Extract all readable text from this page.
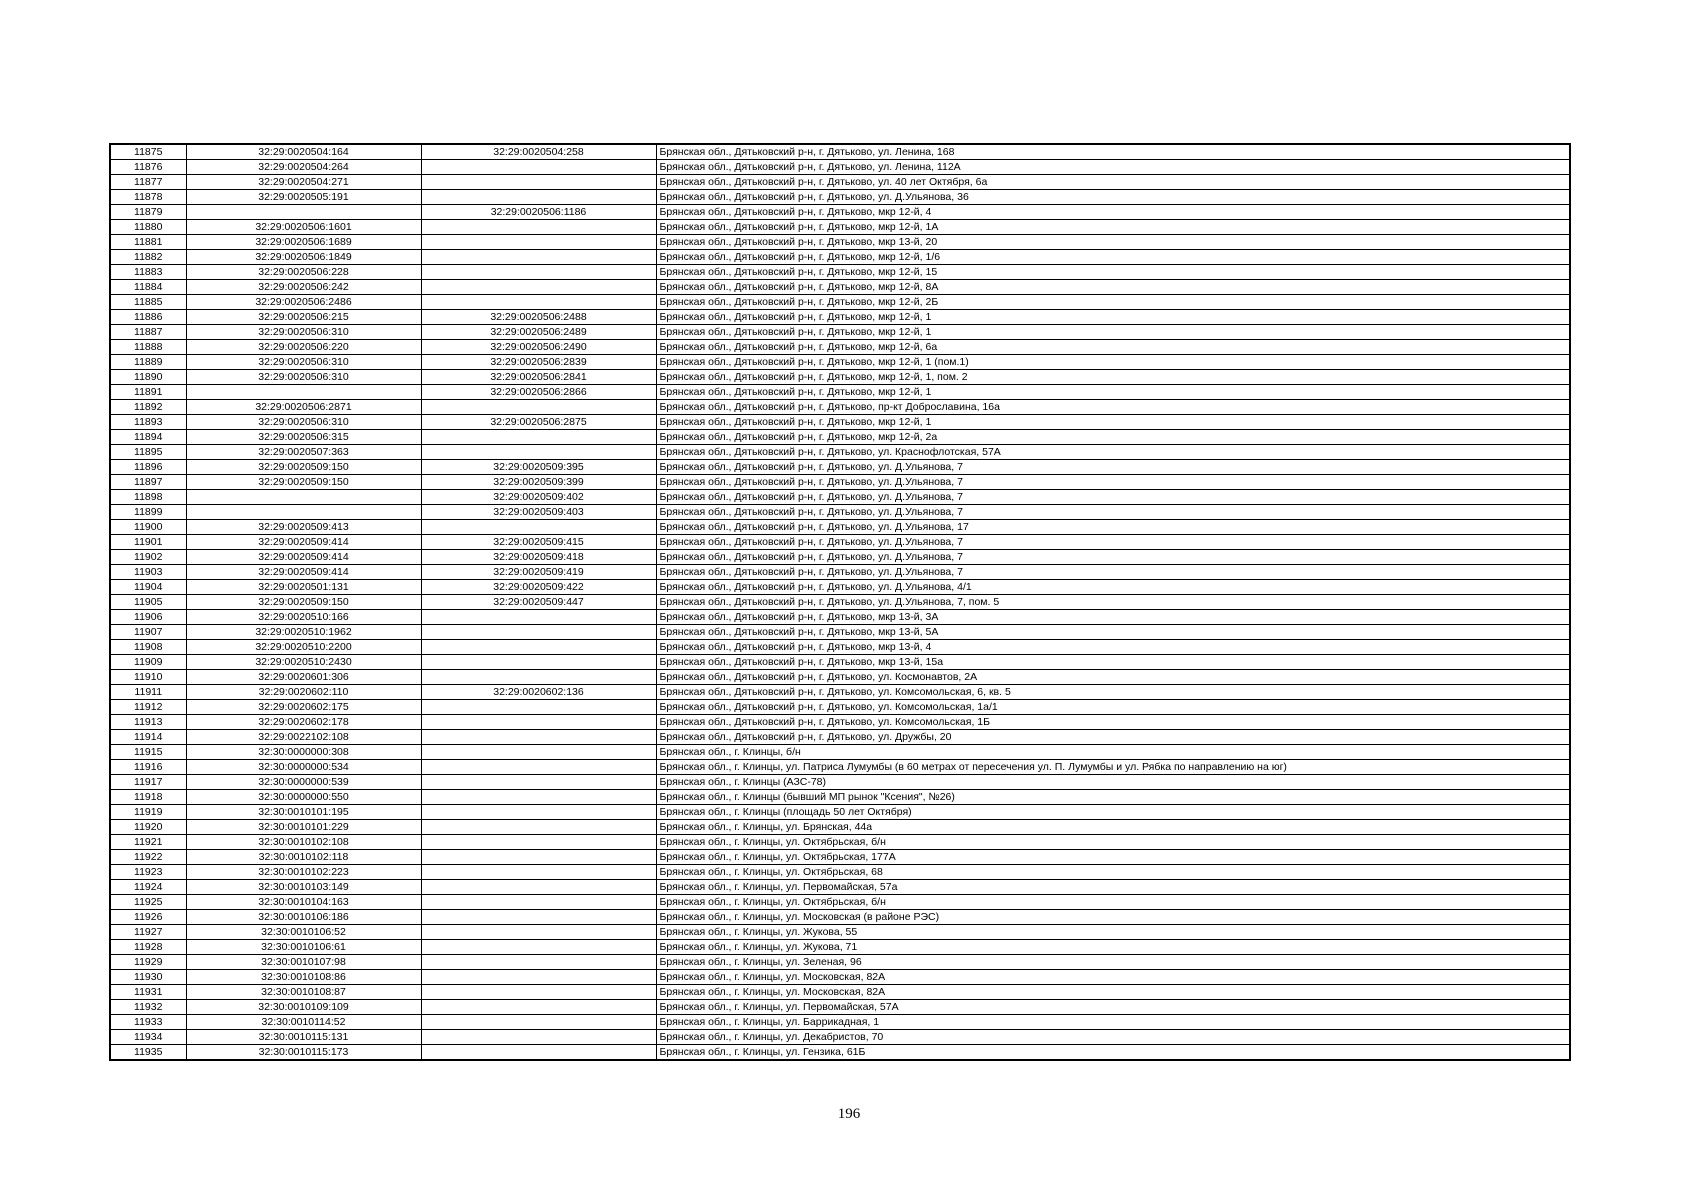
11875	32:29:0020504:164	32:29:0020504:258	Брянская обл., Дятьковский р-н, г. Дятьково, ул. Ленина, 168
11876	32:29:0020504:264		Брянская обл., Дятьковский р-н, г. Дятьково, ул. Ленина, 112А
11877	32:29:0020504:271		Брянская обл., Дятьковский р-н, г. Дятьково, ул. 40 лет Октября, 6а
11878	32:29:0020505:191		Брянская обл., Дятьковский р-н, г. Дятьково, ул. Д.Ульянова, 36
11879		32:29:0020506:1186	Брянская обл., Дятьковский р-н, г. Дятьково, мкр 12-й, 4
11880	32:29:0020506:1601		Брянская обл., Дятьковский р-н, г. Дятьково, мкр 12-й, 1А
11881	32:29:0020506:1689		Брянская обл., Дятьковский р-н, г. Дятьково, мкр 13-й, 20
11882	32:29:0020506:1849		Брянская обл., Дятьковский р-н, г. Дятьково, мкр 12-й, 1/6
11883	32:29:0020506:228		Брянская обл., Дятьковский р-н, г. Дятьково, мкр 12-й, 15
11884	32:29:0020506:242		Брянская обл., Дятьковский р-н, г. Дятьково, мкр 12-й, 8А
11885	32:29:0020506:2486		Брянская обл., Дятьковский р-н, г. Дятьково, мкр 12-й, 2Б
11886	32:29:0020506:215	32:29:0020506:2488	Брянская обл., Дятьковский р-н, г. Дятьково, мкр 12-й, 1
11887	32:29:0020506:310	32:29:0020506:2489	Брянская обл., Дятьковский р-н, г. Дятьково, мкр 12-й, 1
11888	32:29:0020506:220	32:29:0020506:2490	Брянская обл., Дятьковский р-н, г. Дятьково, мкр 12-й, 6а
11889	32:29:0020506:310	32:29:0020506:2839	Брянская обл., Дятьковский р-н, г. Дятьково, мкр 12-й, 1 (пом.1)
11890	32:29:0020506:310	32:29:0020506:2841	Брянская обл., Дятьковский р-н, г. Дятьково, мкр 12-й, 1, пом. 2
11891		32:29:0020506:2866	Брянская обл., Дятьковский р-н, г. Дятьково, мкр 12-й, 1
11892	32:29:0020506:2871		Брянская обл., Дятьковский р-н, г. Дятьково, пр-кт Доброславина, 16а
11893	32:29:0020506:310	32:29:0020506:2875	Брянская обл., Дятьковский р-н, г. Дятьково, мкр 12-й, 1
11894	32:29:0020506:315		Брянская обл., Дятьковский р-н, г. Дятьково, мкр 12-й, 2а
11895	32:29:0020507:363		Брянская обл., Дятьковский р-н, г. Дятьково, ул. Краснофлотская, 57А
11896	32:29:0020509:150	32:29:0020509:395	Брянская обл., Дятьковский р-н, г. Дятьково, ул. Д.Ульянова, 7
11897	32:29:0020509:150	32:29:0020509:399	Брянская обл., Дятьковский р-н, г. Дятьково, ул. Д.Ульянова, 7
11898		32:29:0020509:402	Брянская обл., Дятьковский р-н, г. Дятьково, ул. Д.Ульянова, 7
11899		32:29:0020509:403	Брянская обл., Дятьковский р-н, г. Дятьково, ул. Д.Ульянова, 7
11900	32:29:0020509:413		Брянская обл., Дятьковский р-н, г. Дятьково, ул. Д.Ульянова, 17
11901	32:29:0020509:414	32:29:0020509:415	Брянская обл., Дятьковский р-н, г. Дятьково, ул. Д.Ульянова, 7
11902	32:29:0020509:414	32:29:0020509:418	Брянская обл., Дятьковский р-н, г. Дятьково, ул. Д.Ульянова, 7
11903	32:29:0020509:414	32:29:0020509:419	Брянская обл., Дятьковский р-н, г. Дятьково, ул. Д.Ульянова, 7
11904	32:29:0020501:131	32:29:0020509:422	Брянская обл., Дятьковский р-н, г. Дятьково, ул. Д.Ульянова, 4/1
11905	32:29:0020509:150	32:29:0020509:447	Брянская обл., Дятьковский р-н, г. Дятьково, ул. Д.Ульянова, 7, пом. 5
11906	32:29:0020510:166		Брянская обл., Дятьковский р-н, г. Дятьково, мкр 13-й, 3А
11907	32:29:0020510:1962		Брянская обл., Дятьковский р-н, г. Дятьково, мкр 13-й, 5А
11908	32:29:0020510:2200		Брянская обл., Дятьковский р-н, г. Дятьково, мкр 13-й, 4
11909	32:29:0020510:2430		Брянская обл., Дятьковский р-н, г. Дятьково, мкр 13-й, 15а
11910	32:29:0020601:306		Брянская обл., Дятьковский р-н, г. Дятьково, ул. Космонавтов, 2А
11911	32:29:0020602:110	32:29:0020602:136	Брянская обл., Дятьковский р-н, г. Дятьково, ул. Комсомольская, 6, кв. 5
11912	32:29:0020602:175		Брянская обл., Дятьковский р-н, г. Дятьково, ул. Комсомольская, 1а/1
11913	32:29:0020602:178		Брянская обл., Дятьковский р-н, г. Дятьково, ул. Комсомольская, 1Б
11914	32:29:0022102:108		Брянская обл., Дятьковский р-н, г. Дятьково, ул. Дружбы, 20
11915	32:30:0000000:308		Брянская обл., г. Клинцы, б/н
11916	32:30:0000000:534		Брянская обл., г. Клинцы, ул. Патриса Лумумбы (в 60 метрах от пересечения ул. П. Лумумбы и ул. Рябка по направлению на юг)
11917	32:30:0000000:539		Брянская обл., г. Клинцы (АЗС-78)
11918	32:30:0000000:550		Брянская обл., г. Клинцы (бывший МП рынок "Ксения", №26)
11919	32:30:0010101:195		Брянская обл., г. Клинцы (площадь 50 лет Октября)
11920	32:30:0010101:229		Брянская обл., г. Клинцы, ул. Брянская, 44а
11921	32:30:0010102:108		Брянская обл., г. Клинцы, ул. Октябрьская, б/н
11922	32:30:0010102:118		Брянская обл., г. Клинцы, ул. Октябрьская, 177А
11923	32:30:0010102:223		Брянская обл., г. Клинцы, ул. Октябрьская, 68
11924	32:30:0010103:149		Брянская обл., г. Клинцы, ул. Первомайская, 57а
11925	32:30:0010104:163		Брянская обл., г. Клинцы, ул. Октябрьская, б/н
11926	32:30:0010106:186		Брянская обл., г. Клинцы, ул. Московская (в районе РЭС)
11927	32:30:0010106:52		Брянская обл., г. Клинцы, ул. Жукова, 55
11928	32:30:0010106:61		Брянская обл., г. Клинцы, ул. Жукова, 71
11929	32:30:0010107:98		Брянская обл., г. Клинцы, ул. Зеленая, 96
11930	32:30:0010108:86		Брянская обл., г. Клинцы, ул. Московская, 82А
11931	32:30:0010108:87		Брянская обл., г. Клинцы, ул. Московская, 82А
11932	32:30:0010109:109		Брянская обл., г. Клинцы, ул. Первомайская, 57А
11933	32:30:0010114:52		Брянская обл., г. Клинцы, ул. Баррикадная, 1
11934	32:30:0010115:131		Брянская обл., г. Клинцы, ул. Декабристов, 70
11935	32:30:0010115:173		Брянская обл., г. Клинцы, ул. Гензика, 61Б
196
